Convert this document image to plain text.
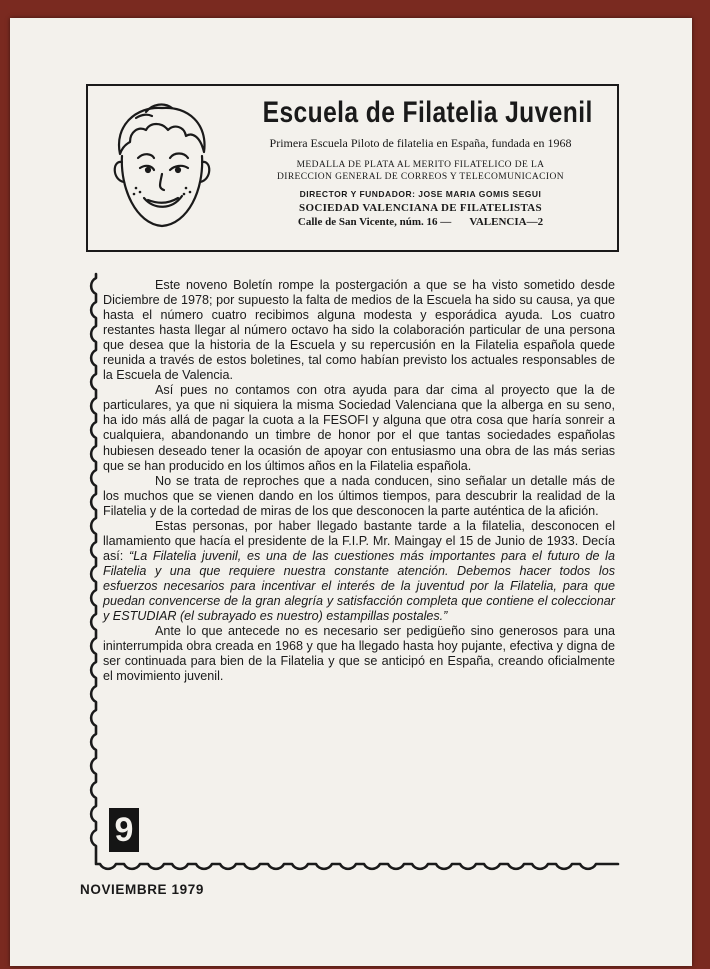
Escuela de Filatelia Juvenil
Primera Escuela Piloto de filatelia en España, fundada en 1968
MEDALLA DE PLATA AL MERITO FILATELICO DE LA
DIRECCION GENERAL DE CORREOS Y TELECOMUNICACION
DIRECTOR Y FUNDADOR: JOSE MARIA GOMIS SEGUI
SOCIEDAD VALENCIANA DE FILATELISTAS
Calle de San Vicente, núm. 16 — VALENCIA—2

Este noveno Boletín rompe la postergación a que se ha visto sometido desde Diciembre de 1978; por supuesto la falta de medios de la Escuela ha sido su causa, ya que hasta el número cuatro recibimos alguna modesta y esporádica ayuda. Los cuatro restantes hasta llegar al número octavo ha sido la colaboración particular de una persona que desea que la historia de la Escuela y su repercusión en la Filatelia española quede reunida a través de estos boletines, tal como habían previsto los actuales responsables de la Escuela de Valencia.

Así pues no contamos con otra ayuda para dar cima al proyecto que la de particulares, ya que ni siquiera la misma Sociedad Valenciana que la alberga en su seno, ha ido más allá de pagar la cuota a la FESOFI y alguna que otra cosa que haría sonreir a cualquiera, abandonando un timbre de honor por el que tantas sociedades españolas hubiesen deseado tener la ocasión de apoyar con entusiasmo una obra de las más serias que se han producido en los últimos años en la Filatelia española.

No se trata de reproches que a nada conducen, sino señalar un detalle más de los muchos que se vienen dando en los últimos tiempos, para descubrir la realidad de la Filatelia y de la cortedad de miras de los que desconocen la parte auténtica de la afición.

Estas personas, por haber llegado bastante tarde a la filatelia, desconocen el llamamiento que hacía el presidente de la F.I.P. Mr. Maingay el 15 de Junio de 1933. Decía así: “La Filatelia juvenil, es una de las cuestiones más importantes para el futuro de la Filatelia y una que requiere nuestra constante atención. Debemos hacer todos los esfuerzos necesarios para incentivar el interés de la juventud por la Filatelia, para que puedan convencerse de la gran alegría y satisfacción completa que contiene el coleccionar y ESTUDIAR (el subrayado es nuestro) estampillas postales.”

Ante lo que antecede no es necesario ser pedigüeño sino generosos para una ininterrumpida obra creada en 1968 y que ha llegado hasta hoy pujante, efectiva y digna de ser continuada para bien de la Filatelia y que se anticipó en España, creando oficialmente el movimiento juvenil.

9
NOVIEMBRE 1979
